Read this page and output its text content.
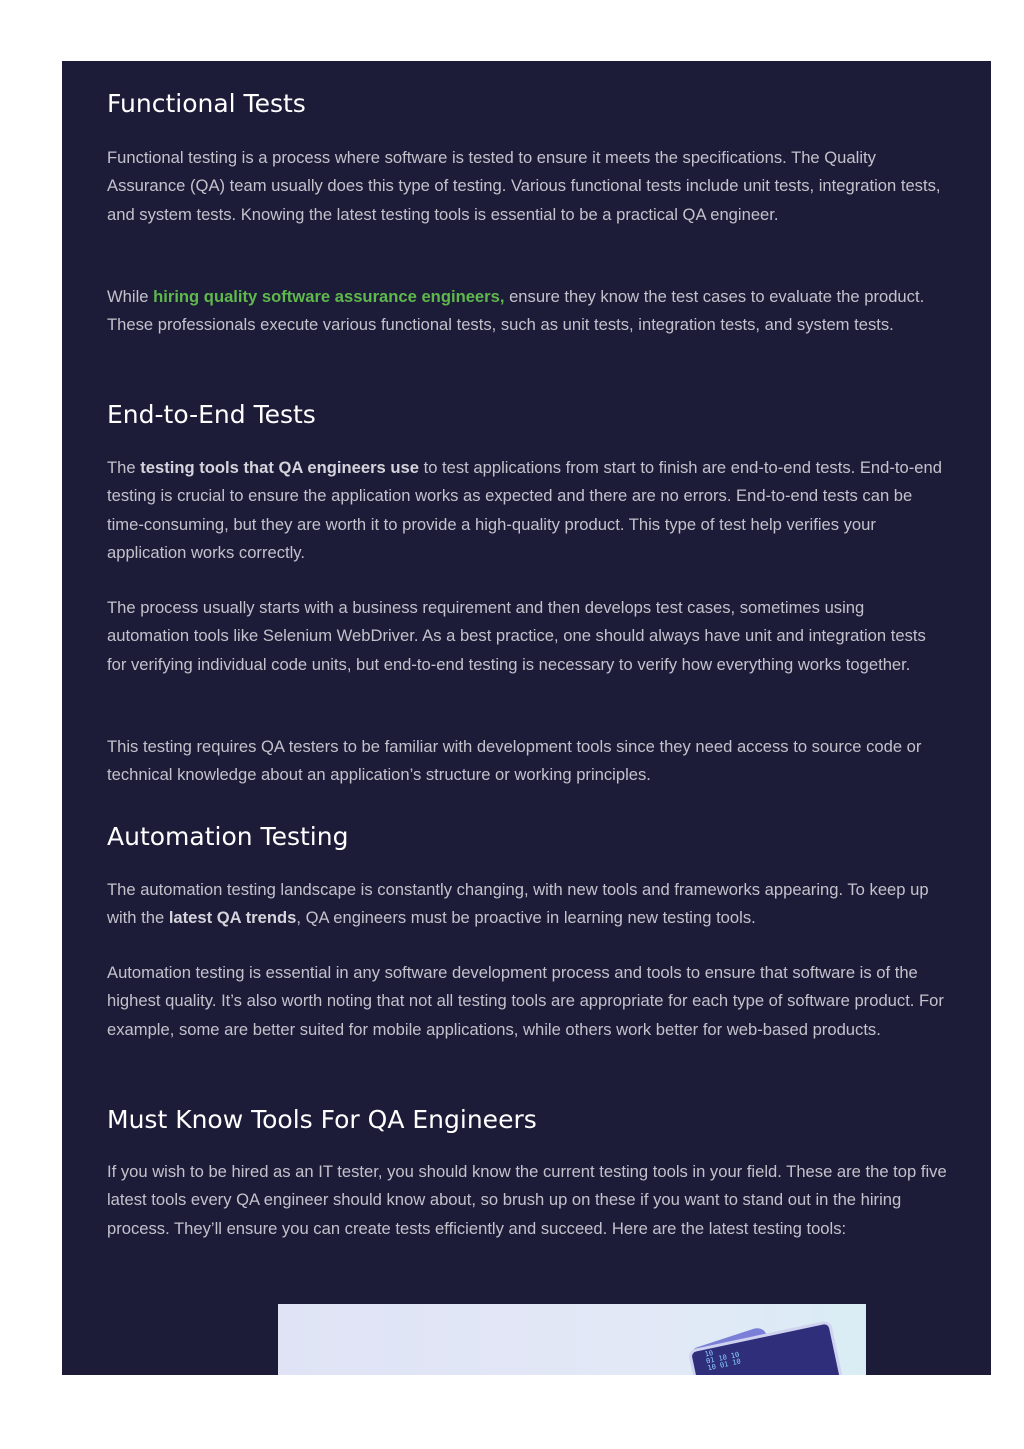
Functional Tests

Functional testing is a process where software is tested to ensure it meets the specifications. The Quality Assurance (QA) team usually does this type of testing. Various functional tests include unit tests, integration tests, and system tests. Knowing the latest testing tools is essential to be a practical QA engineer.

While hiring quality software assurance engineers, ensure they know the test cases to evaluate the product. These professionals execute various functional tests, such as unit tests, integration tests, and system tests.

End-to-End Tests

The testing tools that QA engineers use to test applications from start to finish are end-to-end tests. End-to-end testing is crucial to ensure the application works as expected and there are no errors. End-to-end tests can be time-consuming, but they are worth it to provide a high-quality product. This type of test help verifies your application works correctly.

The process usually starts with a business requirement and then develops test cases, sometimes using automation tools like Selenium WebDriver. As a best practice, one should always have unit and integration tests for verifying individual code units, but end-to-end testing is necessary to verify how everything works together.

This testing requires QA testers to be familiar with development tools since they need access to source code or technical knowledge about an application’s structure or working principles.

Automation Testing

The automation testing landscape is constantly changing, with new tools and frameworks appearing. To keep up with the latest QA trends, QA engineers must be proactive in learning new testing tools.

Automation testing is essential in any software development process and tools to ensure that software is of the highest quality. It’s also worth noting that not all testing tools are appropriate for each type of software product. For example, some are better suited for mobile applications, while others work better for web-based products.

Must Know Tools For QA Engineers

If you wish to be hired as an IT tester, you should know the current testing tools in your field. These are the top five latest tools every QA engineer should know about, so brush up on these if you want to stand out in the hiring process. They’ll ensure you can create tests efficiently and succeed. Here are the latest testing tools:

10
01 10 10
10 01 10
